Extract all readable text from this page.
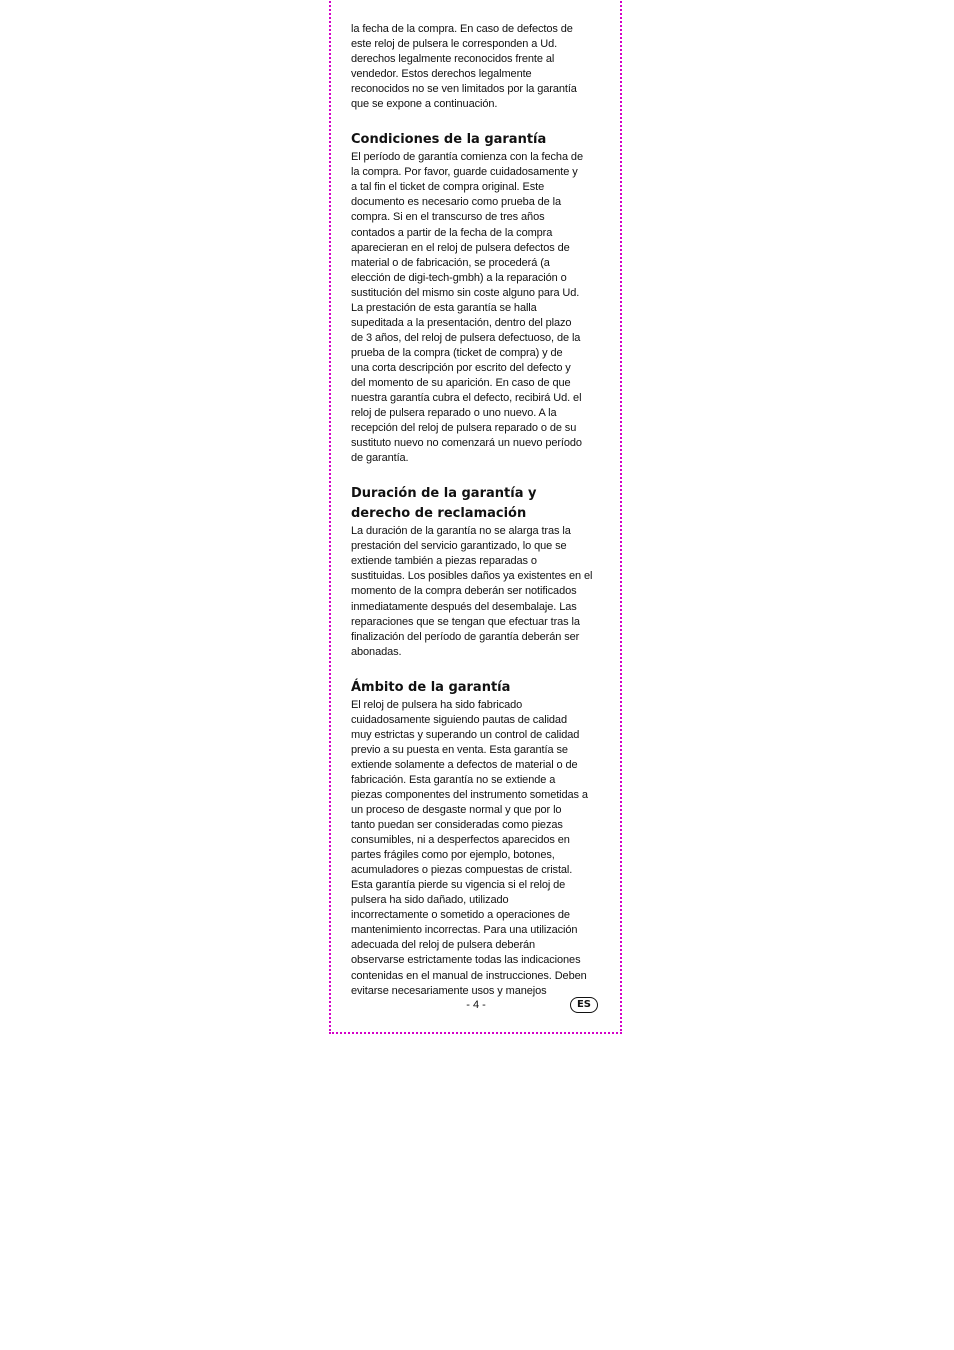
la fecha de la compra. En caso de defectos de
este reloj de pulsera le corresponden a Ud.
derechos legalmente reconocidos frente al
vendedor. Estos derechos legalmente
reconocidos no se ven limitados por la garantía
que se expone a continuación.

Condiciones de la garantía

El período de garantía comienza con la fecha de
la compra. Por favor, guarde cuidadosamente y
a tal fin el ticket de compra original. Este
documento es necesario como prueba de la
compra. Si en el transcurso de tres años
contados a partir de la fecha de la compra
aparecieran en el reloj de pulsera defectos de
material o de fabricación, se procederá (a
elección de digi-tech-gmbh) a la reparación o
sustitución del mismo sin coste alguno para Ud.
La prestación de esta garantía se halla
supeditada a la presentación, dentro del plazo
de 3 años, del reloj de pulsera defectuoso, de la
prueba de la compra (ticket de compra) y de
una corta descripción por escrito del defecto y
del momento de su aparición. En caso de que
nuestra garantía cubra el defecto, recibirá Ud. el
reloj de pulsera reparado o uno nuevo. A la
recepción del reloj de pulsera reparado o de su
sustituto nuevo no comenzará un nuevo período
de garantía.

Duración de la garantía y
derecho de reclamación

La duración de la garantía no se alarga tras la
prestación del servicio garantizado, lo que se
extiende también a piezas reparadas o
sustituidas. Los posibles daños ya existentes en el
momento de la compra deberán ser notificados
inmediatamente después del desembalaje. Las
reparaciones que se tengan que efectuar tras la
finalización del período de garantía deberán ser
abonadas.

Ámbito de la garantía

El reloj de pulsera ha sido fabricado
cuidadosamente siguiendo pautas de calidad
muy estrictas y superando un control de calidad
previo a su puesta en venta. Esta garantía se
extiende solamente a defectos de material o de
fabricación. Esta garantía no se extiende a
piezas componentes del instrumento sometidas a
un proceso de desgaste normal y que por lo
tanto puedan ser consideradas como piezas
consumibles, ni a desperfectos aparecidos en
partes frágiles como por ejemplo, botones,
acumuladores o piezas compuestas de cristal.
Esta garantía pierde su vigencia si el reloj de
pulsera ha sido dañado, utilizado
incorrectamente o sometido a operaciones de
mantenimiento incorrectas. Para una utilización
adecuada del reloj de pulsera deberán
observarse estrictamente todas las indicaciones
contenidas en el manual de instrucciones. Deben
evitarse necesariamente usos y manejos

- 4 -	ES
